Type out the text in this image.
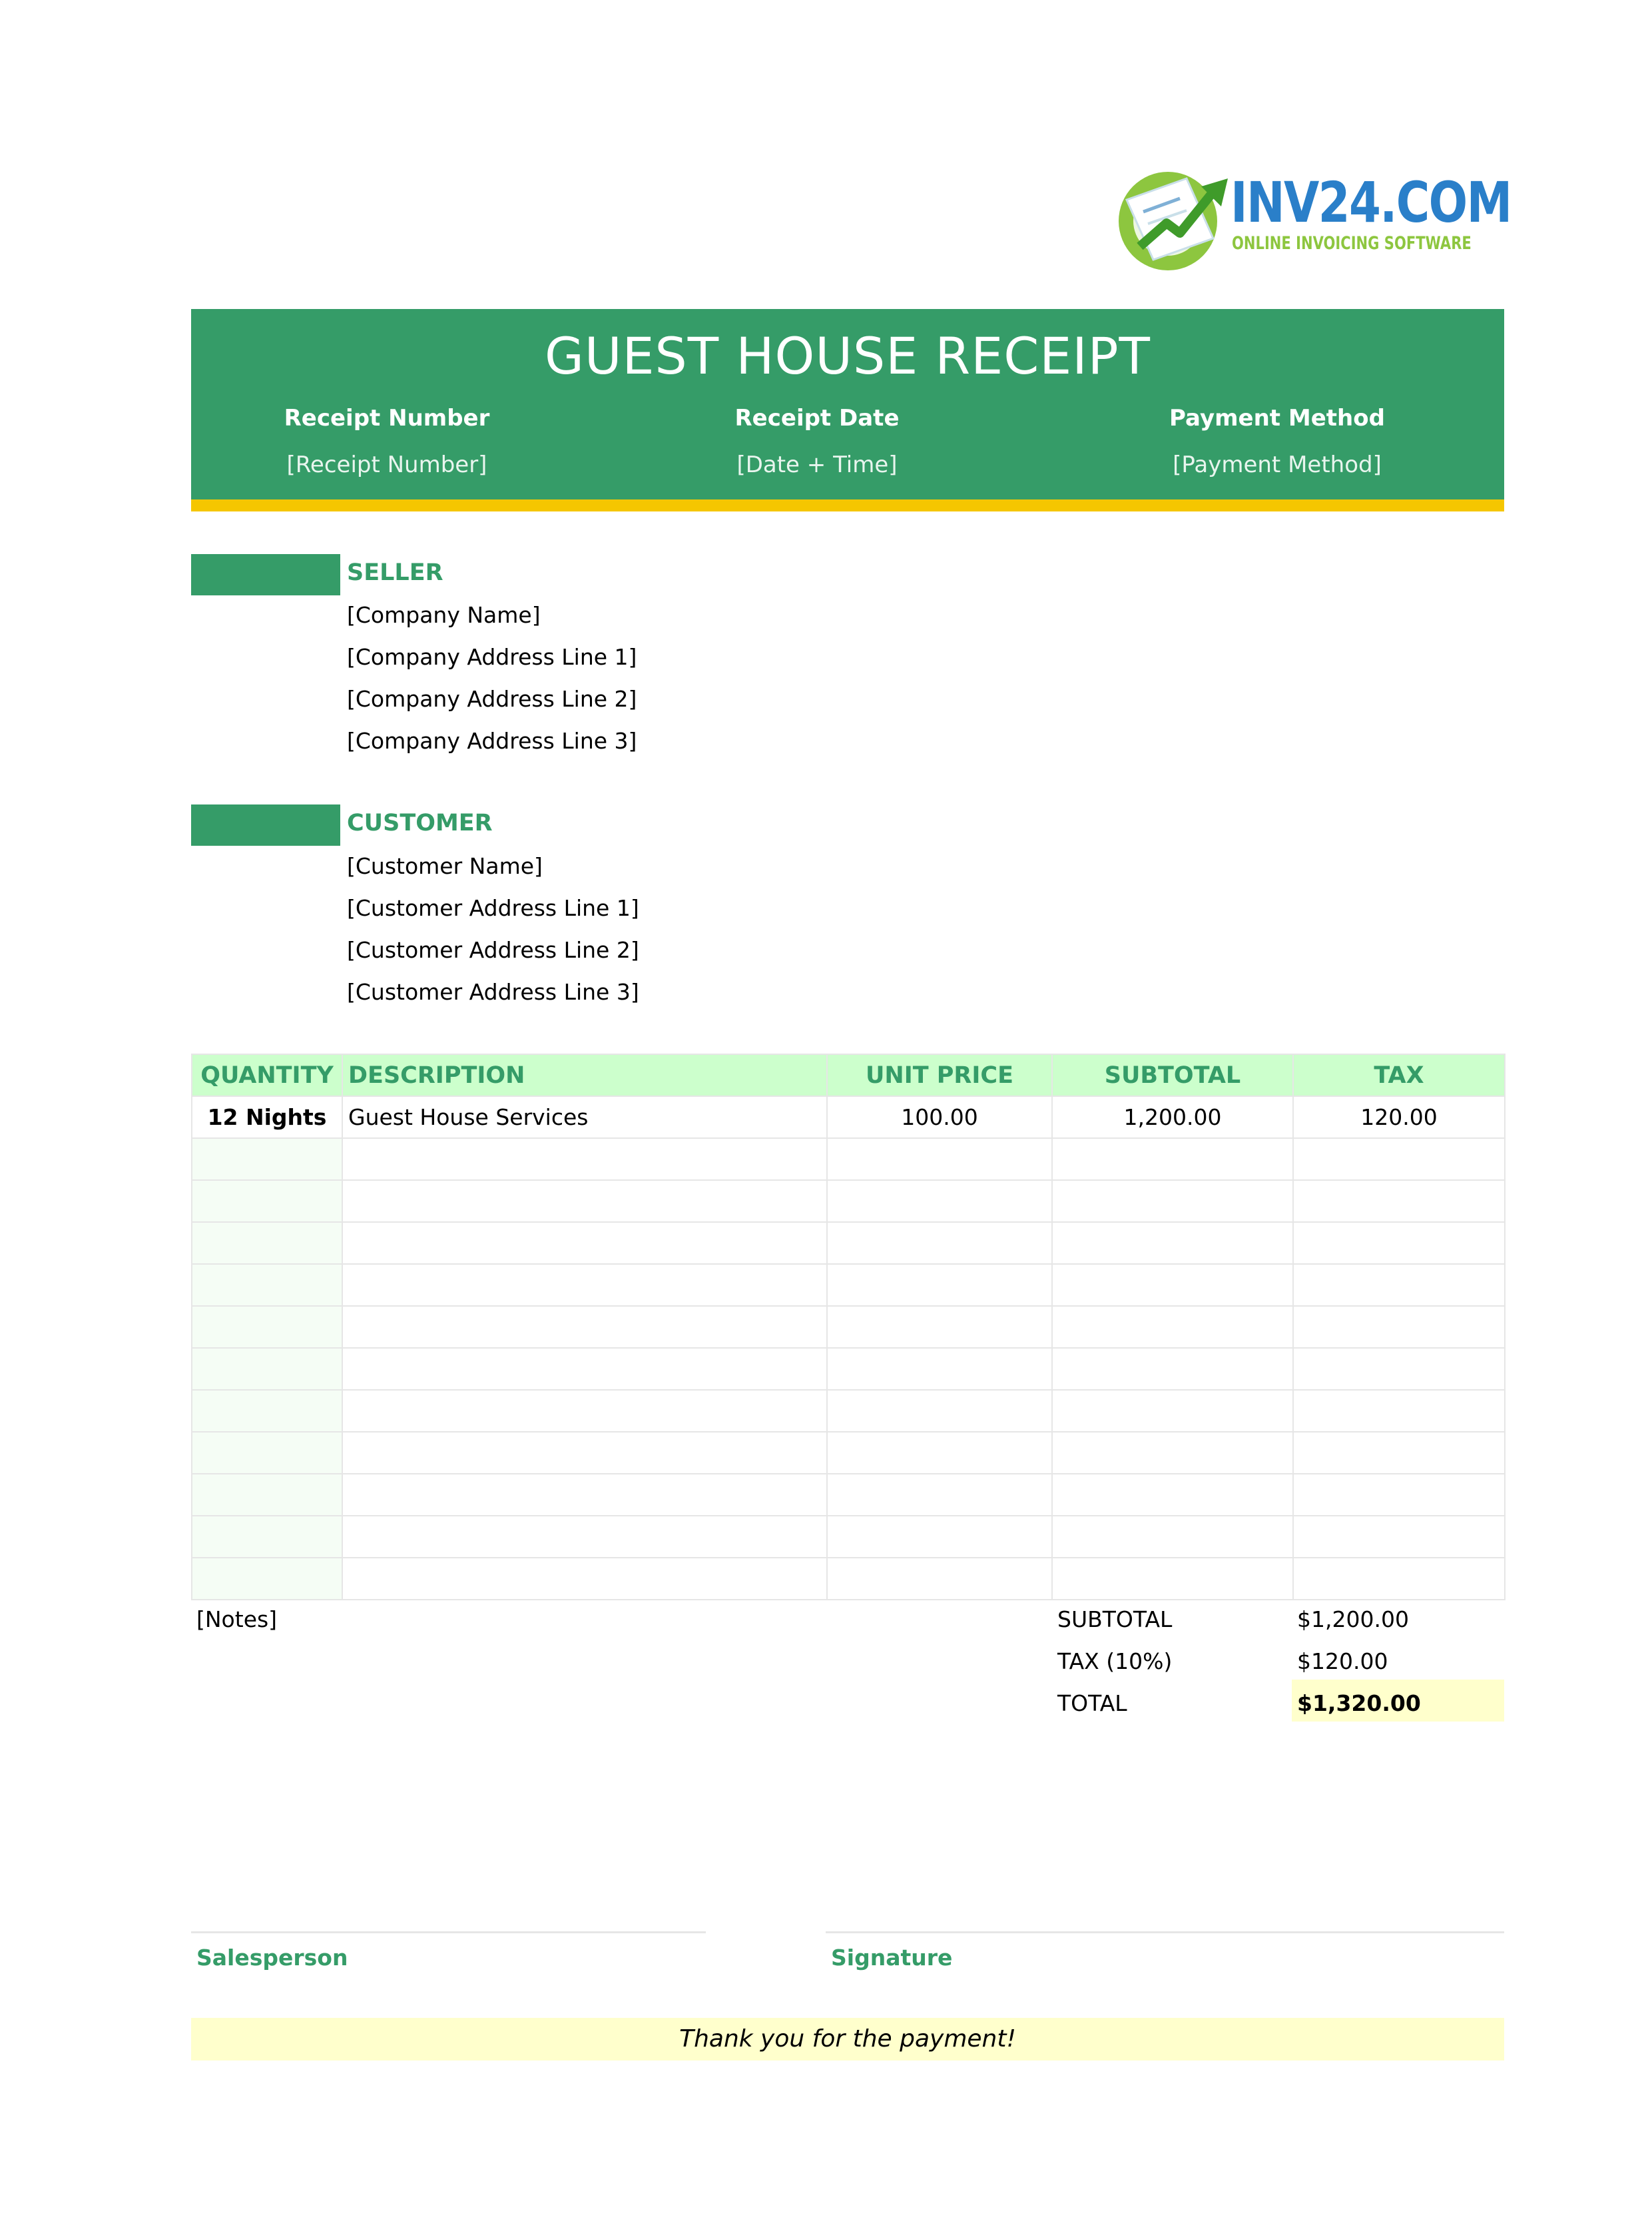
INV24.COM
ONLINE INVOICING SOFTWARE
GUEST HOUSE RECEIPT
Receipt Number
[Receipt Number]
Receipt Date
[Date + Time]
Payment Method
[Payment Method]
SELLER
[Company Name]
[Company Address Line 1]
[Company Address Line 2]
[Company Address Line 3]
CUSTOMER
[Customer Name]
[Customer Address Line 1]
[Customer Address Line 2]
[Customer Address Line 3]
QUANTITY	DESCRIPTION	UNIT PRICE	SUBTOTAL	TAX
12 Nights	Guest House Services	100.00	1,200.00	120.00

[Notes]	SUBTOTAL	$1,200.00
TAX (10%)	$120.00
TOTAL	$1,320.00
Salesperson	Signature
Thank you for the payment!
